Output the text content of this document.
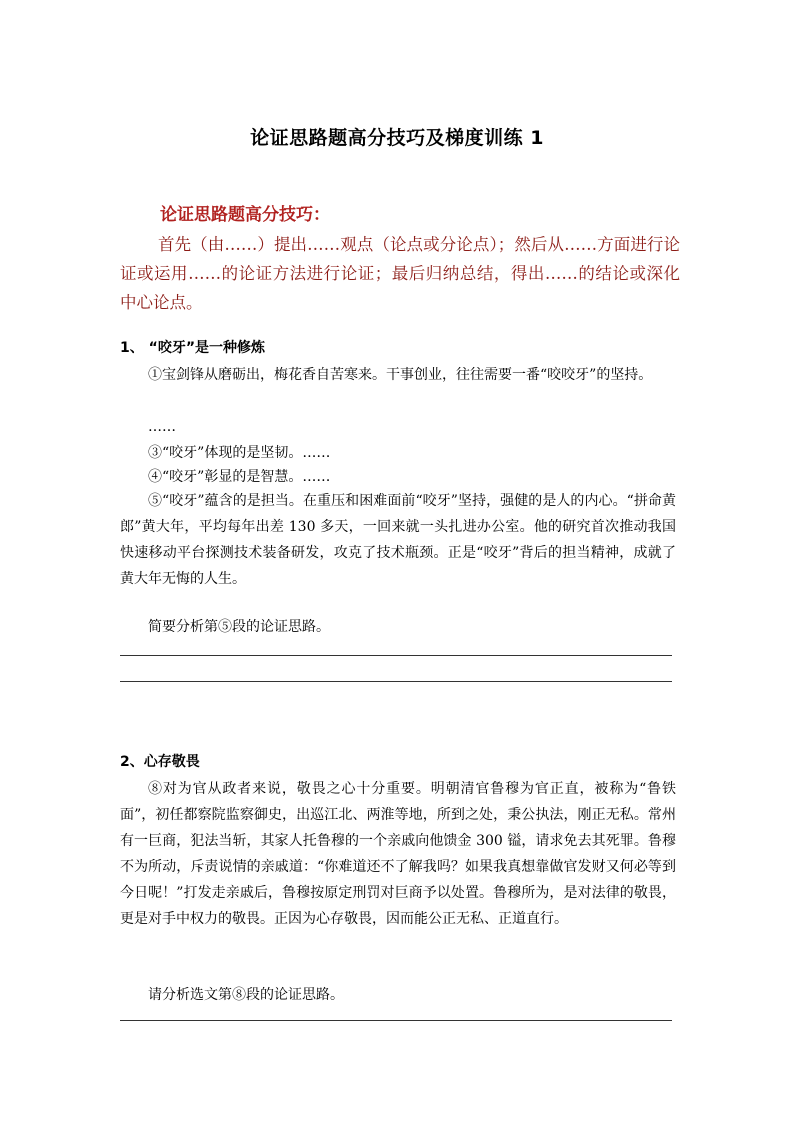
论证思路题高分技巧及梯度训练 1
论证思路题高分技巧：
首先（由……）提出……观点（论点或分论点）；然后从……方面进行论证或运用……的论证方法进行论证；最后归纳总结，得出……的结论或深化中心论点。
1、 “咬牙”是一种修炼

①宝剑锋从磨砺出，梅花香自苦寒来。干事创业，往往需要一番“咬咬牙”的坚持。

……

③“咬牙”体现的是坚韧。……

④“咬牙”彰显的是智慧。……

⑤“咬牙”蕴含的是担当。在重压和困难面前“咬牙”坚持，强健的是人的内心。“拼命黄郎”黄大年，平均每年出差 130 多天，一回来就一头扎进办公室。他的研究首次推动我国快速移动平台探测技术装备研发，攻克了技术瓶颈。正是“咬牙”背后的担当精神，成就了黄大年无悔的人生。

简要分析第⑤段的论证思路。

2、心存敬畏

⑧对为官从政者来说，敬畏之心十分重要。明朝清官鲁穆为官正直，被称为“鲁铁面”，初任都察院监察御史，出巡江北、两淮等地，所到之处，秉公执法，刚正无私。常州有一巨商，犯法当斩，其家人托鲁穆的一个亲戚向他馈金 300 镒，请求免去其死罪。鲁穆不为所动，斥责说情的亲戚道：“你难道还不了解我吗？如果我真想靠做官发财又何必等到今日呢！”打发走亲戚后，鲁穆按原定刑罚对巨商予以处置。鲁穆所为，是对法律的敬畏，更是对手中权力的敬畏。正因为心存敬畏，因而能公正无私、正道直行。

请分析选文第⑧段的论证思路。
